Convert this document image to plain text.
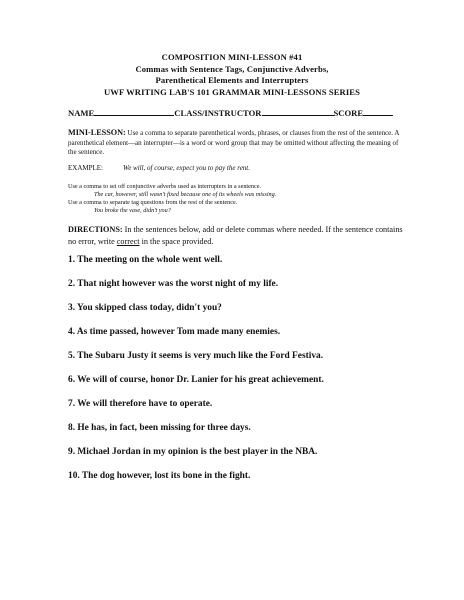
COMPOSITION MINI-LESSON #41
Commas with Sentence Tags, Conjunctive Adverbs,
Parenthetical Elements and Interrupters
UWF WRITING LAB'S 101 GRAMMAR MINI-LESSONS SERIES
NAME	CLASS/INSTRUCTOR	SCORE
MINI-LESSON: Use a comma to separate parenthetical words, phrases, or clauses from the rest of the sentence. A parenthetical element—an interrupter—is a word or word group that may be omitted without affecting the meaning of the sentence.
EXAMPLE:	We will, of course, expect you to pay the rent.
Use a comma to set off conjunctive adverbs used as interrupters in a sentence.
The car, however, still wasn't fixed because one of its wheels was missing.
Use a comma to separate tag questions from the rest of the sentence.
You broke the vase, didn't you?
DIRECTIONS: In the sentences below, add or delete commas where needed. If the sentence contains no error, write correct in the space provided.
1. The meeting on the whole went well.
2. That night however was the worst night of my life.
3. You skipped class today, didn't you?
4. As time passed, however Tom made many enemies.
5. The Subaru Justy it seems is very much like the Ford Festiva.
6. We will of course, honor Dr. Lanier for his great achievement.
7. We will therefore have to operate.
8. He has, in fact, been missing for three days.
9. Michael Jordan in my opinion is the best player in the NBA.
10. The dog however, lost its bone in the fight.
